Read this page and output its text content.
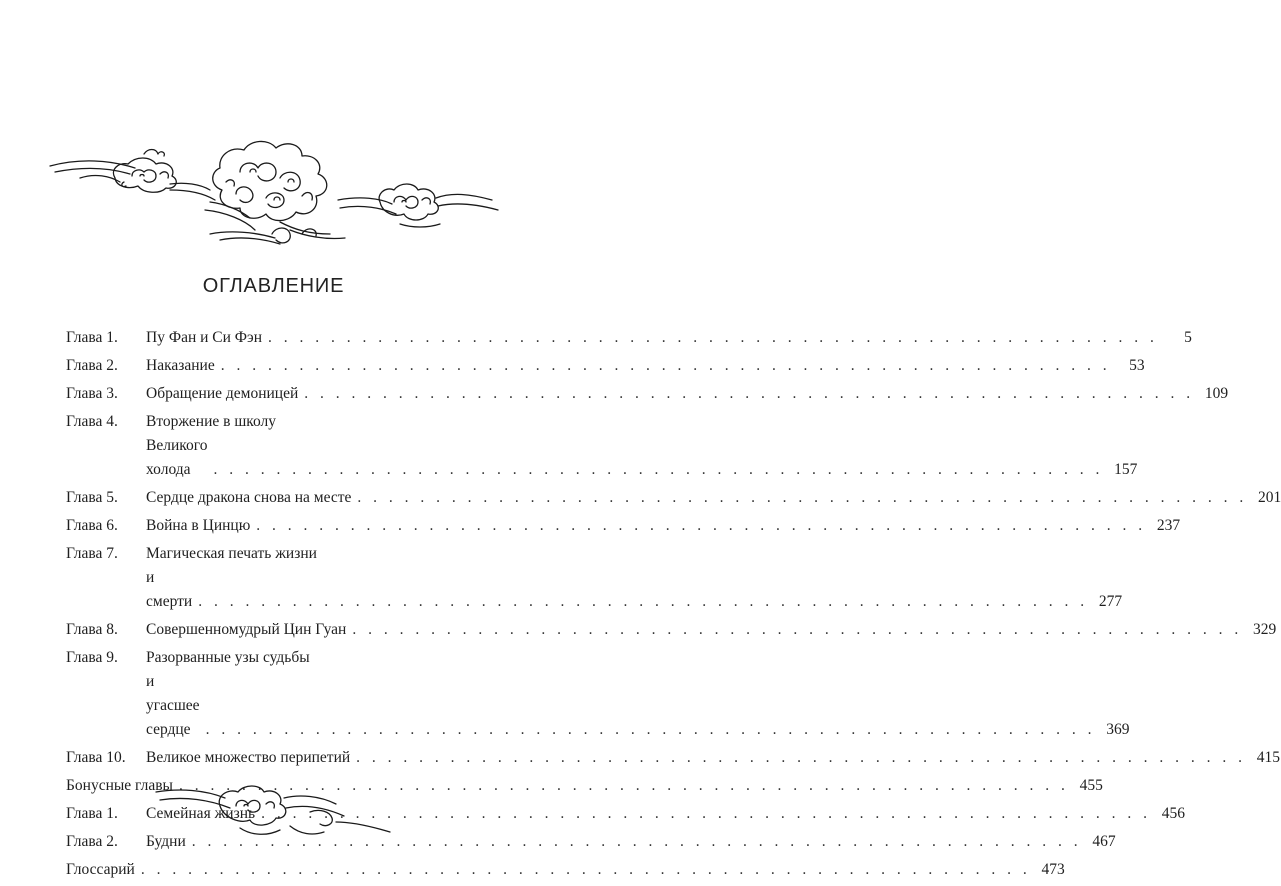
ОГЛАВЛЕНИЕ
Глава 1.	Пу Фан и Си Фэн . . .	5
Глава 2.	Наказание . . .	53
Глава 3.	Обращение демоницей . . .	109
Глава 4.	Вторжение в школу
Великого холода . . .	157
Глава 5.	Сердце дракона снова на месте . . .	201
Глава 6.	Война в Цинцю . . .	237
Глава 7.	Магическая печать жизни
и смерти . . .	277
Глава 8.	Совершенномудрый Цин Гуан . . .	329
Глава 9.	Разорванные узы судьбы
и угасшее сердце . . .	369
Глава 10.	Великое множество перипетий . . .	415
Бонусные главы . . .	455
Глава 1.	Семейная жизнь . . .	456
Глава 2.	Будни . . .	467
Глоссарий . . .	473
